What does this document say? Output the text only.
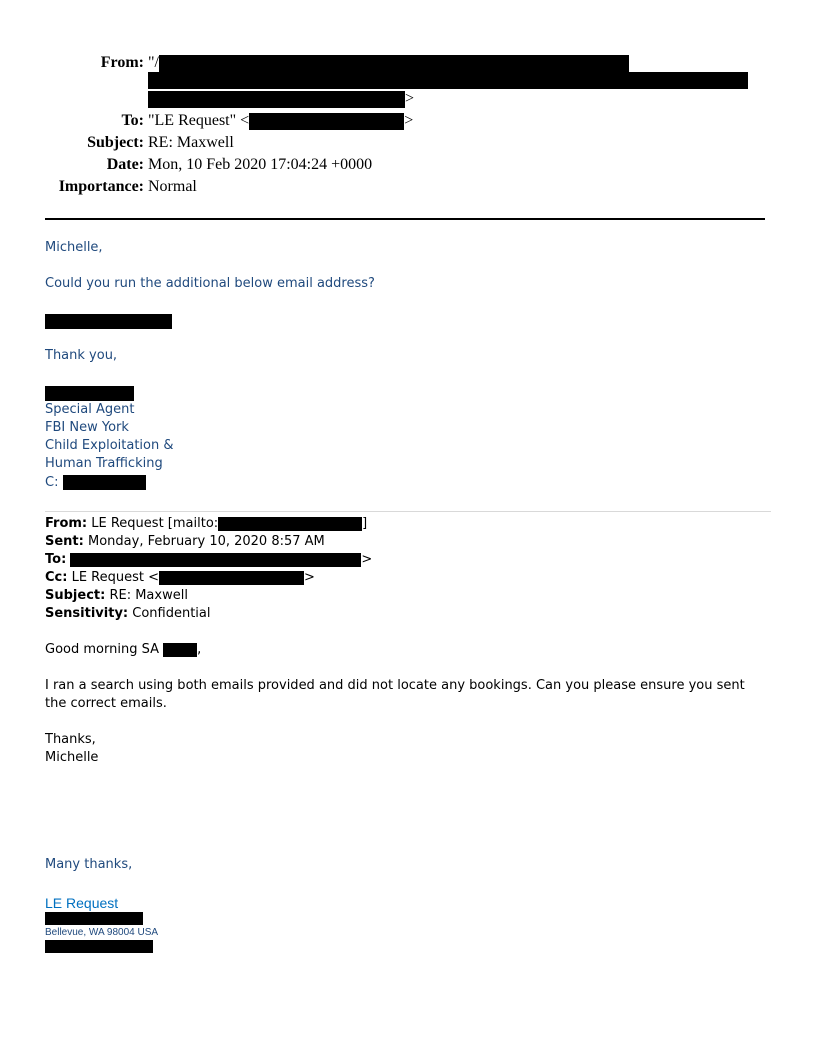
From: "/
>
To: "LE Request" <	>
Subject: RE: Maxwell
Date: Mon, 10 Feb 2020 17:04:24 +0000
Importance: Normal
Michelle,
Could you run the additional below email address?
Thank you,
Special Agent
FBI New York
Child Exploitation &
Human Trafficking
C:
From: LE Request [mailto:	]
Sent: Monday, February 10, 2020 8:57 AM
To:	>
Cc: LE Request <	>
Subject: RE: Maxwell
Sensitivity: Confidential
Good morning SA	,
I ran a search using both emails provided and did not locate any bookings. Can you please ensure you sent the correct emails.
Thanks,
Michelle
Many thanks,
LE Request
Bellevue, WA 98004 USA
